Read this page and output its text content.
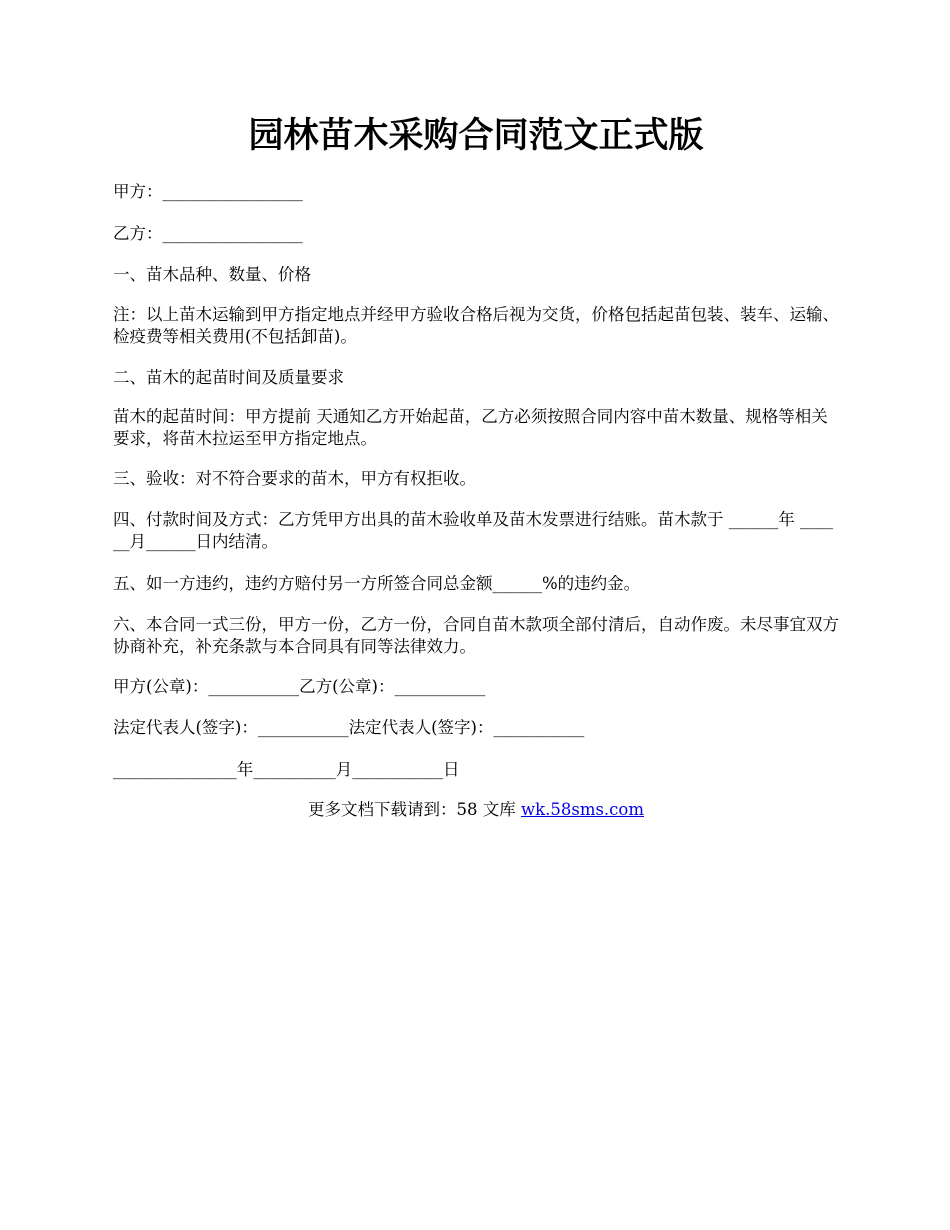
园林苗木采购合同范文正式版

甲方：_________________

乙方：_________________

一、苗木品种、数量、价格

注：以上苗木运输到甲方指定地点并经甲方验收合格后视为交货，价格包括起苗包装、装车、运输、检疫费等相关费用(不包括卸苗)。

二、苗木的起苗时间及质量要求

苗木的起苗时间：甲方提前 天通知乙方开始起苗，乙方必须按照合同内容中苗木数量、规格等相关要求，将苗木拉运至甲方指定地点。

三、验收：对不符合要求的苗木，甲方有权拒收。

四、付款时间及方式：乙方凭甲方出具的苗木验收单及苗木发票进行结账。苗木款于 ______年 ______月______日内结清。

五、如一方违约，违约方赔付另一方所签合同总金额______%的违约金。

六、本合同一式三份，甲方一份，乙方一份，合同自苗木款项全部付清后，自动作废。未尽事宜双方协商补充，补充条款与本合同具有同等法律效力。

甲方(公章)：___________乙方(公章)：___________

法定代表人(签字)：___________法定代表人(签字)：___________

_______________年__________月___________日

更多文档下载请到：58 文库 wk.58sms.com
